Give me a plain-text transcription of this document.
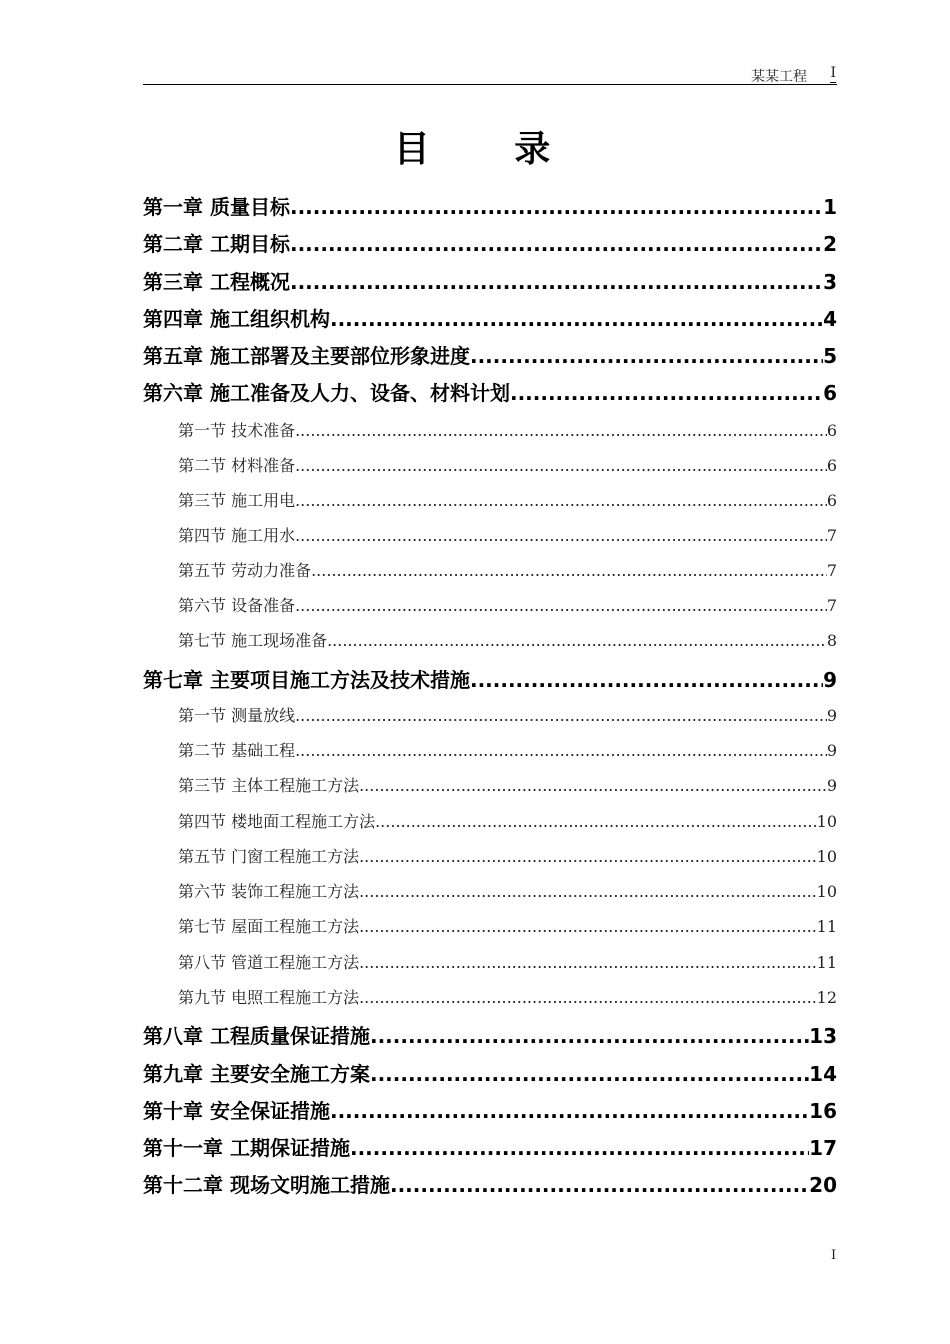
某某工程 I
目 录
第一章 质量目标 .....	1
第二章 工期目标 .....	2
第三章 工程概况 .....	3
第四章 施工组织机构 .....	4
第五章 施工部署及主要部位形象进度 .....	5
第六章 施工准备及人力、设备、材料计划 .....	6
第一节 技术准备 .....	6
第二节 材料准备 .....	6
第三节 施工用电 .....	6
第四节 施工用水 .....	7
第五节 劳动力准备 .....	7
第六节 设备准备 .....	7
第七节 施工现场准备 .....	8
第七章 主要项目施工方法及技术措施 .....	9
第一节 测量放线 .....	9
第二节 基础工程 .....	9
第三节 主体工程施工方法 .....	9
第四节 楼地面工程施工方法 .....	10
第五节 门窗工程施工方法 .....	10
第六节 装饰工程施工方法 .....	10
第七节 屋面工程施工方法 .....	11
第八节 管道工程施工方法 .....	11
第九节 电照工程施工方法 .....	12
第八章 工程质量保证措施 .....	13
第九章 主要安全施工方案 .....	14
第十章 安全保证措施 .....	16
第十一章 工期保证措施 .....	17
第十二章 现场文明施工措施 .....	20
I
